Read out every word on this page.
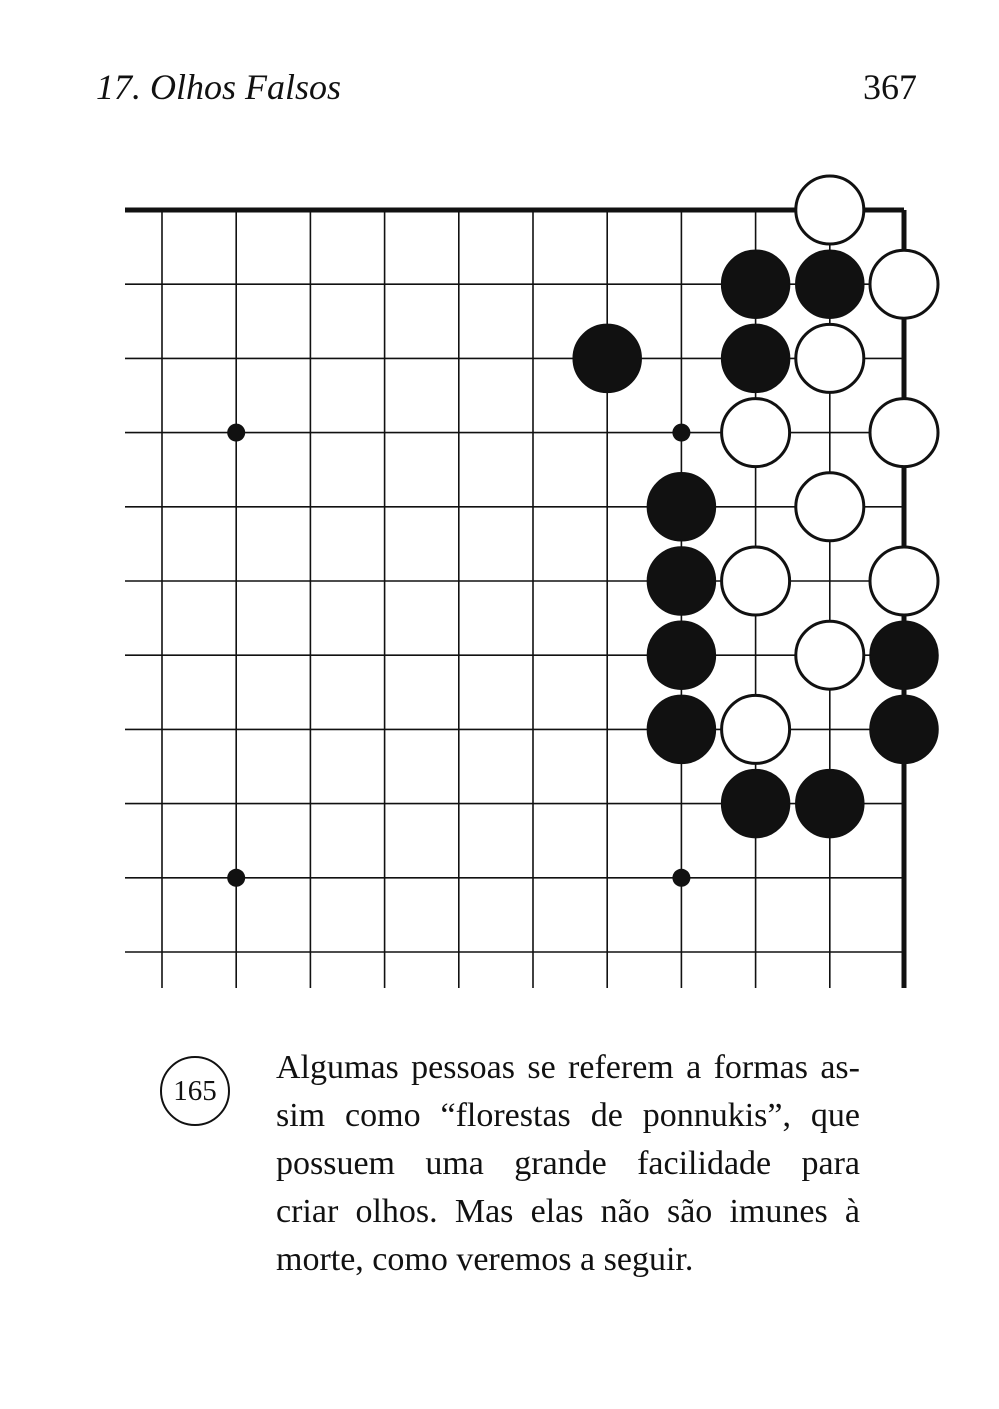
17. Olhos Falsos	367
165
Algumas pessoas se referem a formas as-
sim como “florestas de ponnukis”, que
possuem uma grande facilidade para
criar olhos. Mas elas não são imunes à
morte, como veremos a seguir.
